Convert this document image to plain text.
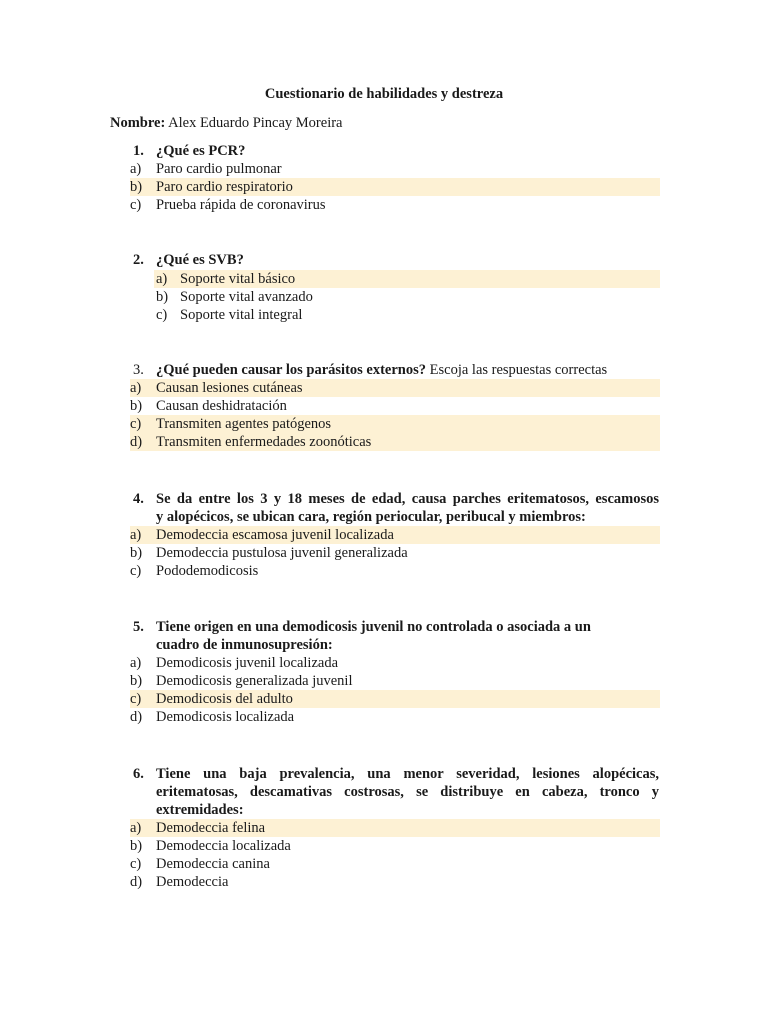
Cuestionario de habilidades y destreza
Nombre: Alex Eduardo Pincay Moreira
1. ¿Qué es PCR?
a) Paro cardio pulmonar
b) Paro cardio respiratorio
c) Prueba rápida de coronavirus
2. ¿Qué es SVB?
a) Soporte vital básico
b) Soporte vital avanzado
c) Soporte vital integral
3. ¿Qué pueden causar los parásitos externos? Escoja las respuestas correctas
a) Causan lesiones cutáneas
b) Causan deshidratación
c) Transmiten agentes patógenos
d) Transmiten enfermedades zoonóticas
4. Se da entre los 3 y 18 meses de edad, causa parches eritematosos, escamosos
y alopécicos, se ubican cara, región periocular, peribucal y miembros:
a) Demodeccia escamosa juvenil localizada
b) Demodeccia pustulosa juvenil generalizada
c) Pododemodicosis
5. Tiene origen en una demodicosis juvenil no controlada o asociada a un
cuadro de inmunosupresión:
a) Demodicosis juvenil localizada
b) Demodicosis generalizada juvenil
c) Demodicosis del adulto
d) Demodicosis localizada
6. Tiene una baja prevalencia, una menor severidad, lesiones alopécicas,
eritematosas, descamativas costrosas, se distribuye en cabeza, tronco y
extremidades:
a) Demodeccia felina
b) Demodeccia localizada
c) Demodeccia canina
d) Demodeccia
